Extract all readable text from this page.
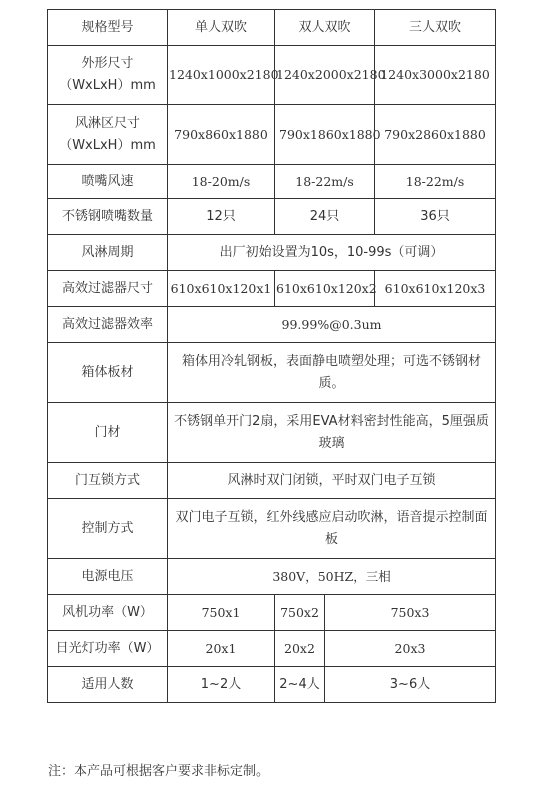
规格型号	单人双吹	双人双吹		三人双吹
外形尺寸（WxLxH）mm	1240x1000x2180	1240x2000x2180		1240x3000x2180
风淋区尺寸（WxLxH）mm	790x860x1880	790x1860x1880		790x2860x1880
喷嘴风速	18-20m/s	18-22m/s		18-22m/s
不锈钢喷嘴数量	12只	24只		36只
风淋周期	出厂初始设置为10s，10-99s（可调）			
高效过滤器尺寸	610x610x120x1	610x610x120x2		610x610x120x3
高效过滤器效率	99.99%@0.3um			
箱体板材	箱体用冷轧钢板，表面静电喷塑处理；可选不锈钢材质。			
门材	不锈钢单开门2扇，采用EVA材料密封性能高，5厘强质玻璃			
门互锁方式	风淋时双门闭锁，平时双门电子互锁			
控制方式	双门电子互锁，红外线感应启动吹淋，语音提示控制面板			
电源电压	380V，50HZ，三相			
风机功率（W）	750x1	750x2	750x3	
日光灯功率（W）	20x1	20x2	20x3	
适用人数	1~2人	2~4人	3~6人	
注：本产品可根据客户要求非标定制。
